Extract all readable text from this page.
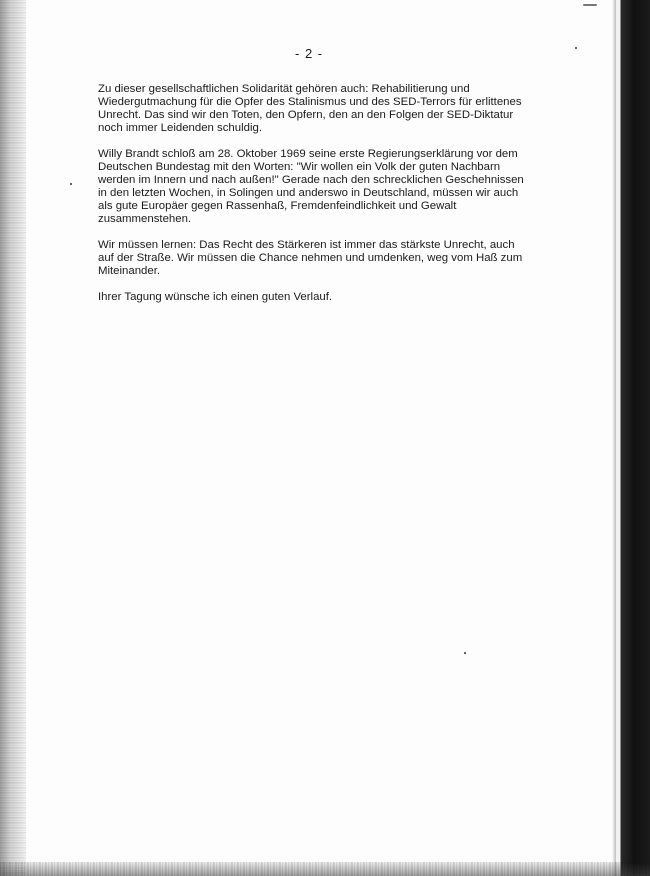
- 2 -

Zu dieser gesellschaftlichen Solidarität gehören auch: Rehabilitierung und
Wiedergutmachung für die Opfer des Stalinismus und des SED-Terrors für erlittenes
Unrecht. Das sind wir den Toten, den Opfern, den an den Folgen der SED-Diktatur
noch immer Leidenden schuldig.

Willy Brandt schloß am 28. Oktober 1969 seine erste Regierungserklärung vor dem
Deutschen Bundestag mit den Worten: "Wir wollen ein Volk der guten Nachbarn
werden im Innern und nach außen!" Gerade nach den schrecklichen Geschehnissen
in den letzten Wochen, in Solingen und anderswo in Deutschland, müssen wir auch
als gute Europäer gegen Rassenhaß, Fremdenfeindlichkeit und Gewalt
zusammenstehen.

Wir müssen lernen: Das Recht des Stärkeren ist immer das stärkste Unrecht, auch
auf der Straße. Wir müssen die Chance nehmen und umdenken, weg vom Haß zum
Miteinander.

Ihrer Tagung wünsche ich einen guten Verlauf.
